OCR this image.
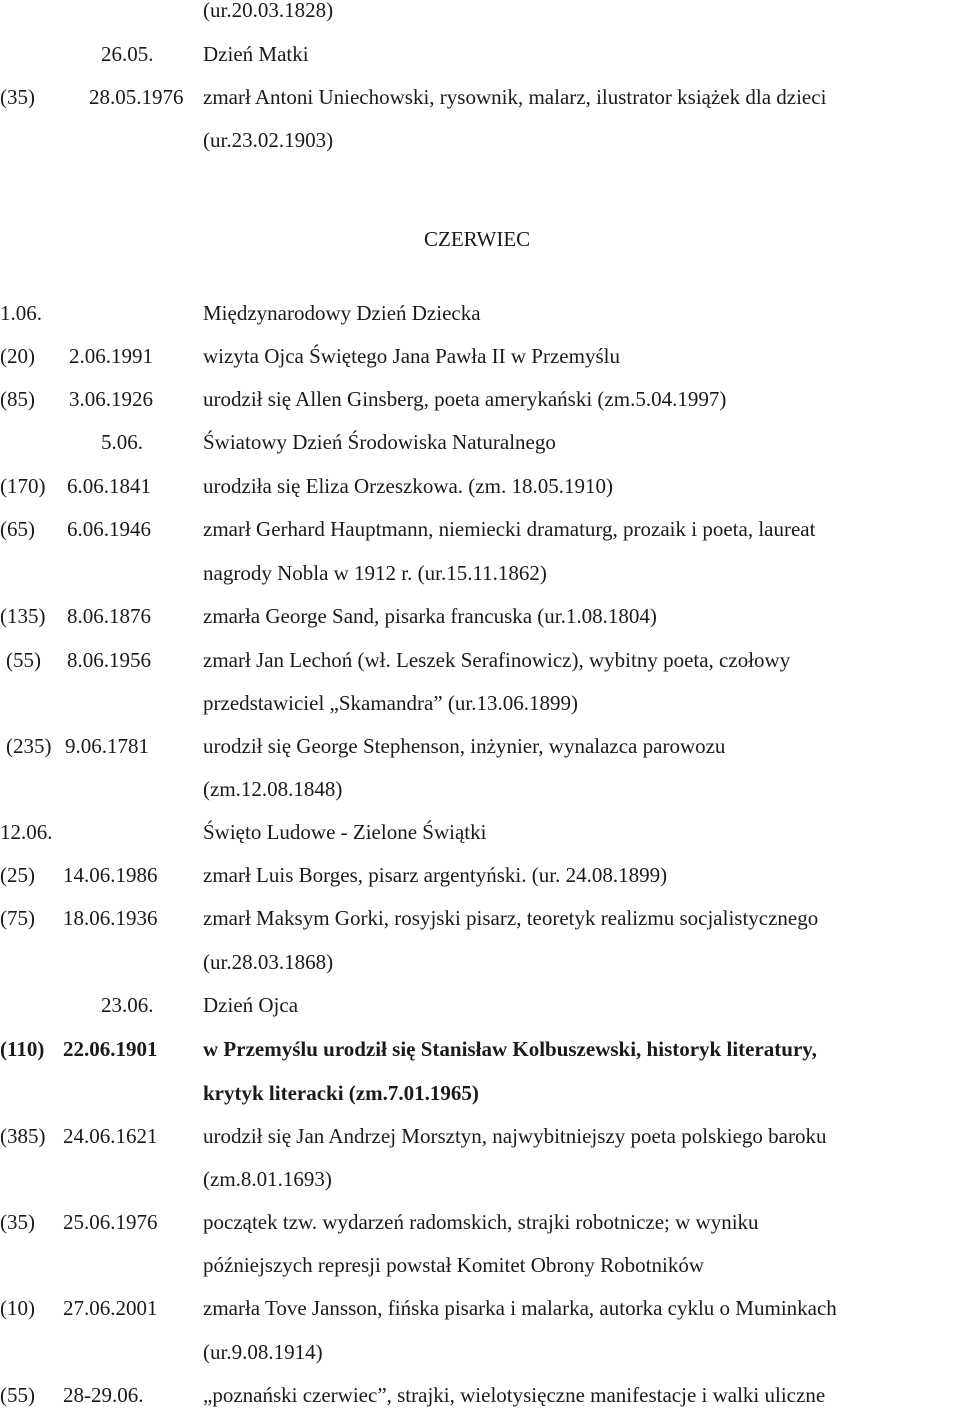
CZERWIEC
(ur.20.03.1828)
26.05. Dzień Matki
(35)	28.05.1976 zmarł Antoni Uniechowski, rysownik, malarz, ilustrator książek dla dzieci
(ur.23.02.1903)
1.06.	Międzynarodowy Dzień Dziecka
(20) 2.06.1991 wizyta Ojca Świętego Jana Pawła II w Przemyślu
(85) 3.06.1926 urodził się Allen Ginsberg, poeta amerykański (zm.5.04.1997)
5.06.	Światowy Dzień Środowiska Naturalnego
(170) 6.06.1841 urodziła się Eliza Orzeszkowa. (zm. 18.05.1910)
(65) 6.06.1946 zmarł Gerhard Hauptmann, niemiecki dramaturg, prozaik i poeta, laureat
nagrody Nobla w 1912 r. (ur.15.11.1862)
(135) 8.06.1876 zmarła George Sand, pisarka francuska (ur.1.08.1804)
(55) 8.06.1956 zmarł Jan Lechoń (wł. Leszek Serafinowicz), wybitny poeta, czołowy
przedstawiciel „Skamandra” (ur.13.06.1899)
(235) 9.06.1781	urodził się George Stephenson, inżynier, wynalazca parowozu
(zm.12.08.1848)
12.06.	Święto Ludowe - Zielone Świątki
(25) 14.06.1986 zmarł Luis Borges, pisarz argentyński. (ur. 24.08.1899)
(75) 18.06.1936 zmarł Maksym Gorki, rosyjski pisarz, teoretyk realizmu socjalistycznego
(ur.28.03.1868)
23.06. Dzień Ojca
(110) 22.06.1901 w Przemyślu urodził się Stanisław Kolbuszewski, historyk literatury,
krytyk literacki (zm.7.01.1965)
(385) 24.06.1621 urodził się Jan Andrzej Morsztyn, najwybitniejszy poeta polskiego baroku
(zm.8.01.1693)
(35) 25.06.1976 początek tzw. wydarzeń radomskich, strajki robotnicze; w wyniku
późniejszych represji powstał Komitet Obrony Robotników
(10) 27.06.2001 zmarła Tove Jansson, fińska pisarka i malarka, autorka cyklu o Muminkach
(ur.9.08.1914)
(55) 28-29.06.	„poznański czerwiec”, strajki, wielotysięczne manifestacje i walki uliczne
